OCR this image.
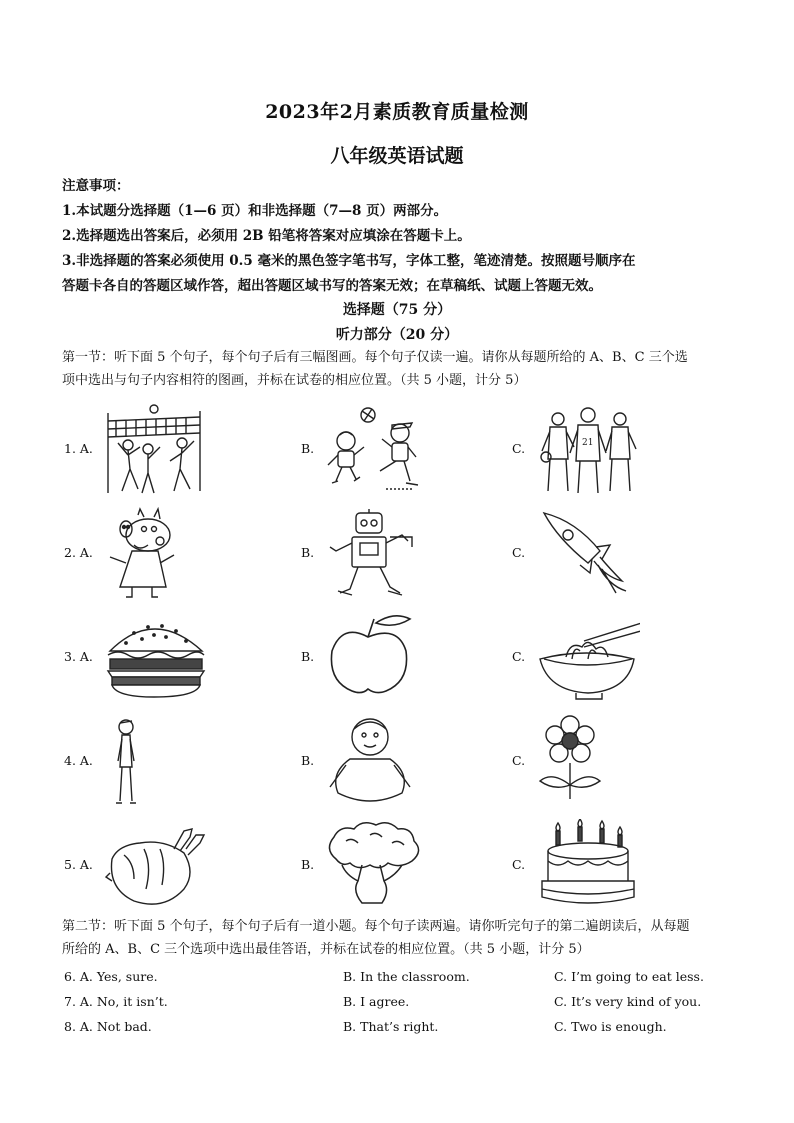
2023年2月素质教育质量检测
八年级英语试题
注意事项：
1.本试题分选择题（1—6 页）和非选择题（7—8 页）两部分。
2.选择题选出答案后，必须用 2B 铅笔将答案对应填涂在答题卡上。
3.非选择题的答案必须使用 0.5 毫米的黑色签字笔书写，字体工整，笔迹清楚。按照题号顺序在
答题卡各自的答题区域作答，超出答题区域书写的答案无效；在草稿纸、试题上答题无效。
选择题（75 分）
听力部分（20 分）
第一节：听下面 5 个句子，每个句子后有三幅图画。每个句子仅读一遍。请你从每题所给的 A、B、C 三个选
项中选出与句子内容相符的图画，并标在试卷的相应位置。（共 5 小题，计分 5）
1. A.	B.	C.	21
2. A.	B.	C.
3. A.	B.	C.
4. A.	B.	C.
5. A.	B.	C.
第二节：听下面 5 个句子，每个句子后有一道小题。每个句子读两遍。请你听完句子的第二遍朗读后，从每题
所给的 A、B、C 三个选项中选出最佳答语，并标在试卷的相应位置。（共 5 小题，计分 5）
6. A. Yes, sure.	B. In the classroom.	C. I’m going to eat less.
7. A. No, it isn’t.	B. I agree.	C. It’s very kind of you.
8. A. Not bad.	B. That’s right.	C. Two is enough.
